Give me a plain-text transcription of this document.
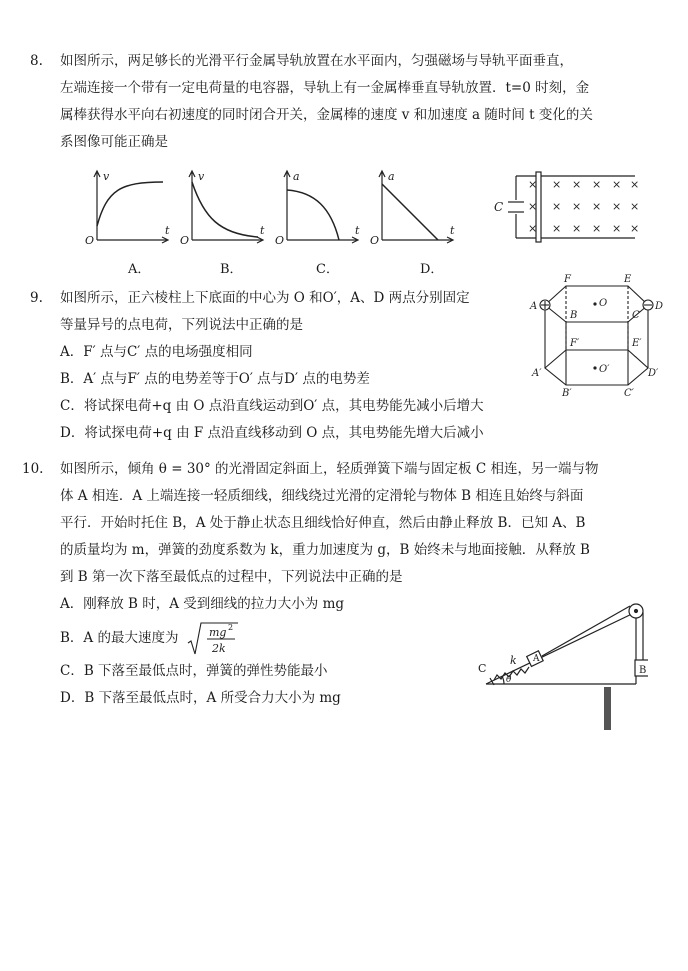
8. 如图所示，两足够长的光滑平行金属导轨放置在水平面内，匀强磁场与导轨平面垂直，
左端连接一个带有一定电荷量的电容器，导轨上有一金属棒垂直导轨放置．t=0 时刻，金
属棒获得水平向右初速度的同时闭合开关，金属棒的速度 v 和加速度 a 随时间 t 变化的关
系图像可能正确是
v
O
t
v
O
t
a
O
t
a
O
t
A．	B．	C．	D．
C
× × × × × ×
× × × × × ×
× × × × × ×
9. 如图所示，正六棱柱上下底面的中心为 O 和O′，A、D 两点分别固定
等量异号的点电荷，下列说法中正确的是
A．F′ 点与C′ 点的电场强度相同
B．A′ 点与F′ 点的电势差等于O′ 点与D′ 点的电势差
C．将试探电荷+q 由 O 点沿直线运动到O′ 点，其电势能先减小后增大
D．将试探电荷+q 由 F 点沿直线移动到 O 点，其电势能先增大后减小
A
B	C
D
E
F
A′
B′	C′
D′
E′
F′
O
O′
10. 如图所示，倾角 θ = 30° 的光滑固定斜面上，轻质弹簧下端与固定板 C 相连，另一端与物
体 A 相连．A 上端连接一轻质细线，细线绕过光滑的定滑轮与物体 B 相连且始终与斜面
平行．开始时托住 B，A 处于静止状态且细线恰好伸直，然后由静止释放 B．已知 A、B
的质量均为 m，弹簧的劲度系数为 k，重力加速度为 g，B 始终未与地面接触．从释放 B
到 B 第一次下落至最低点的过程中，下列说法中正确的是
A．刚释放 B 时，A 受到细线的拉力大小为 mg
B．A 的最大速度为	mg 2
2k
C．B 下落至最低点时，弹簧的弹性势能最小
D．B 下落至最低点时，A 所受合力大小为 mg
C
k A
B
θ
